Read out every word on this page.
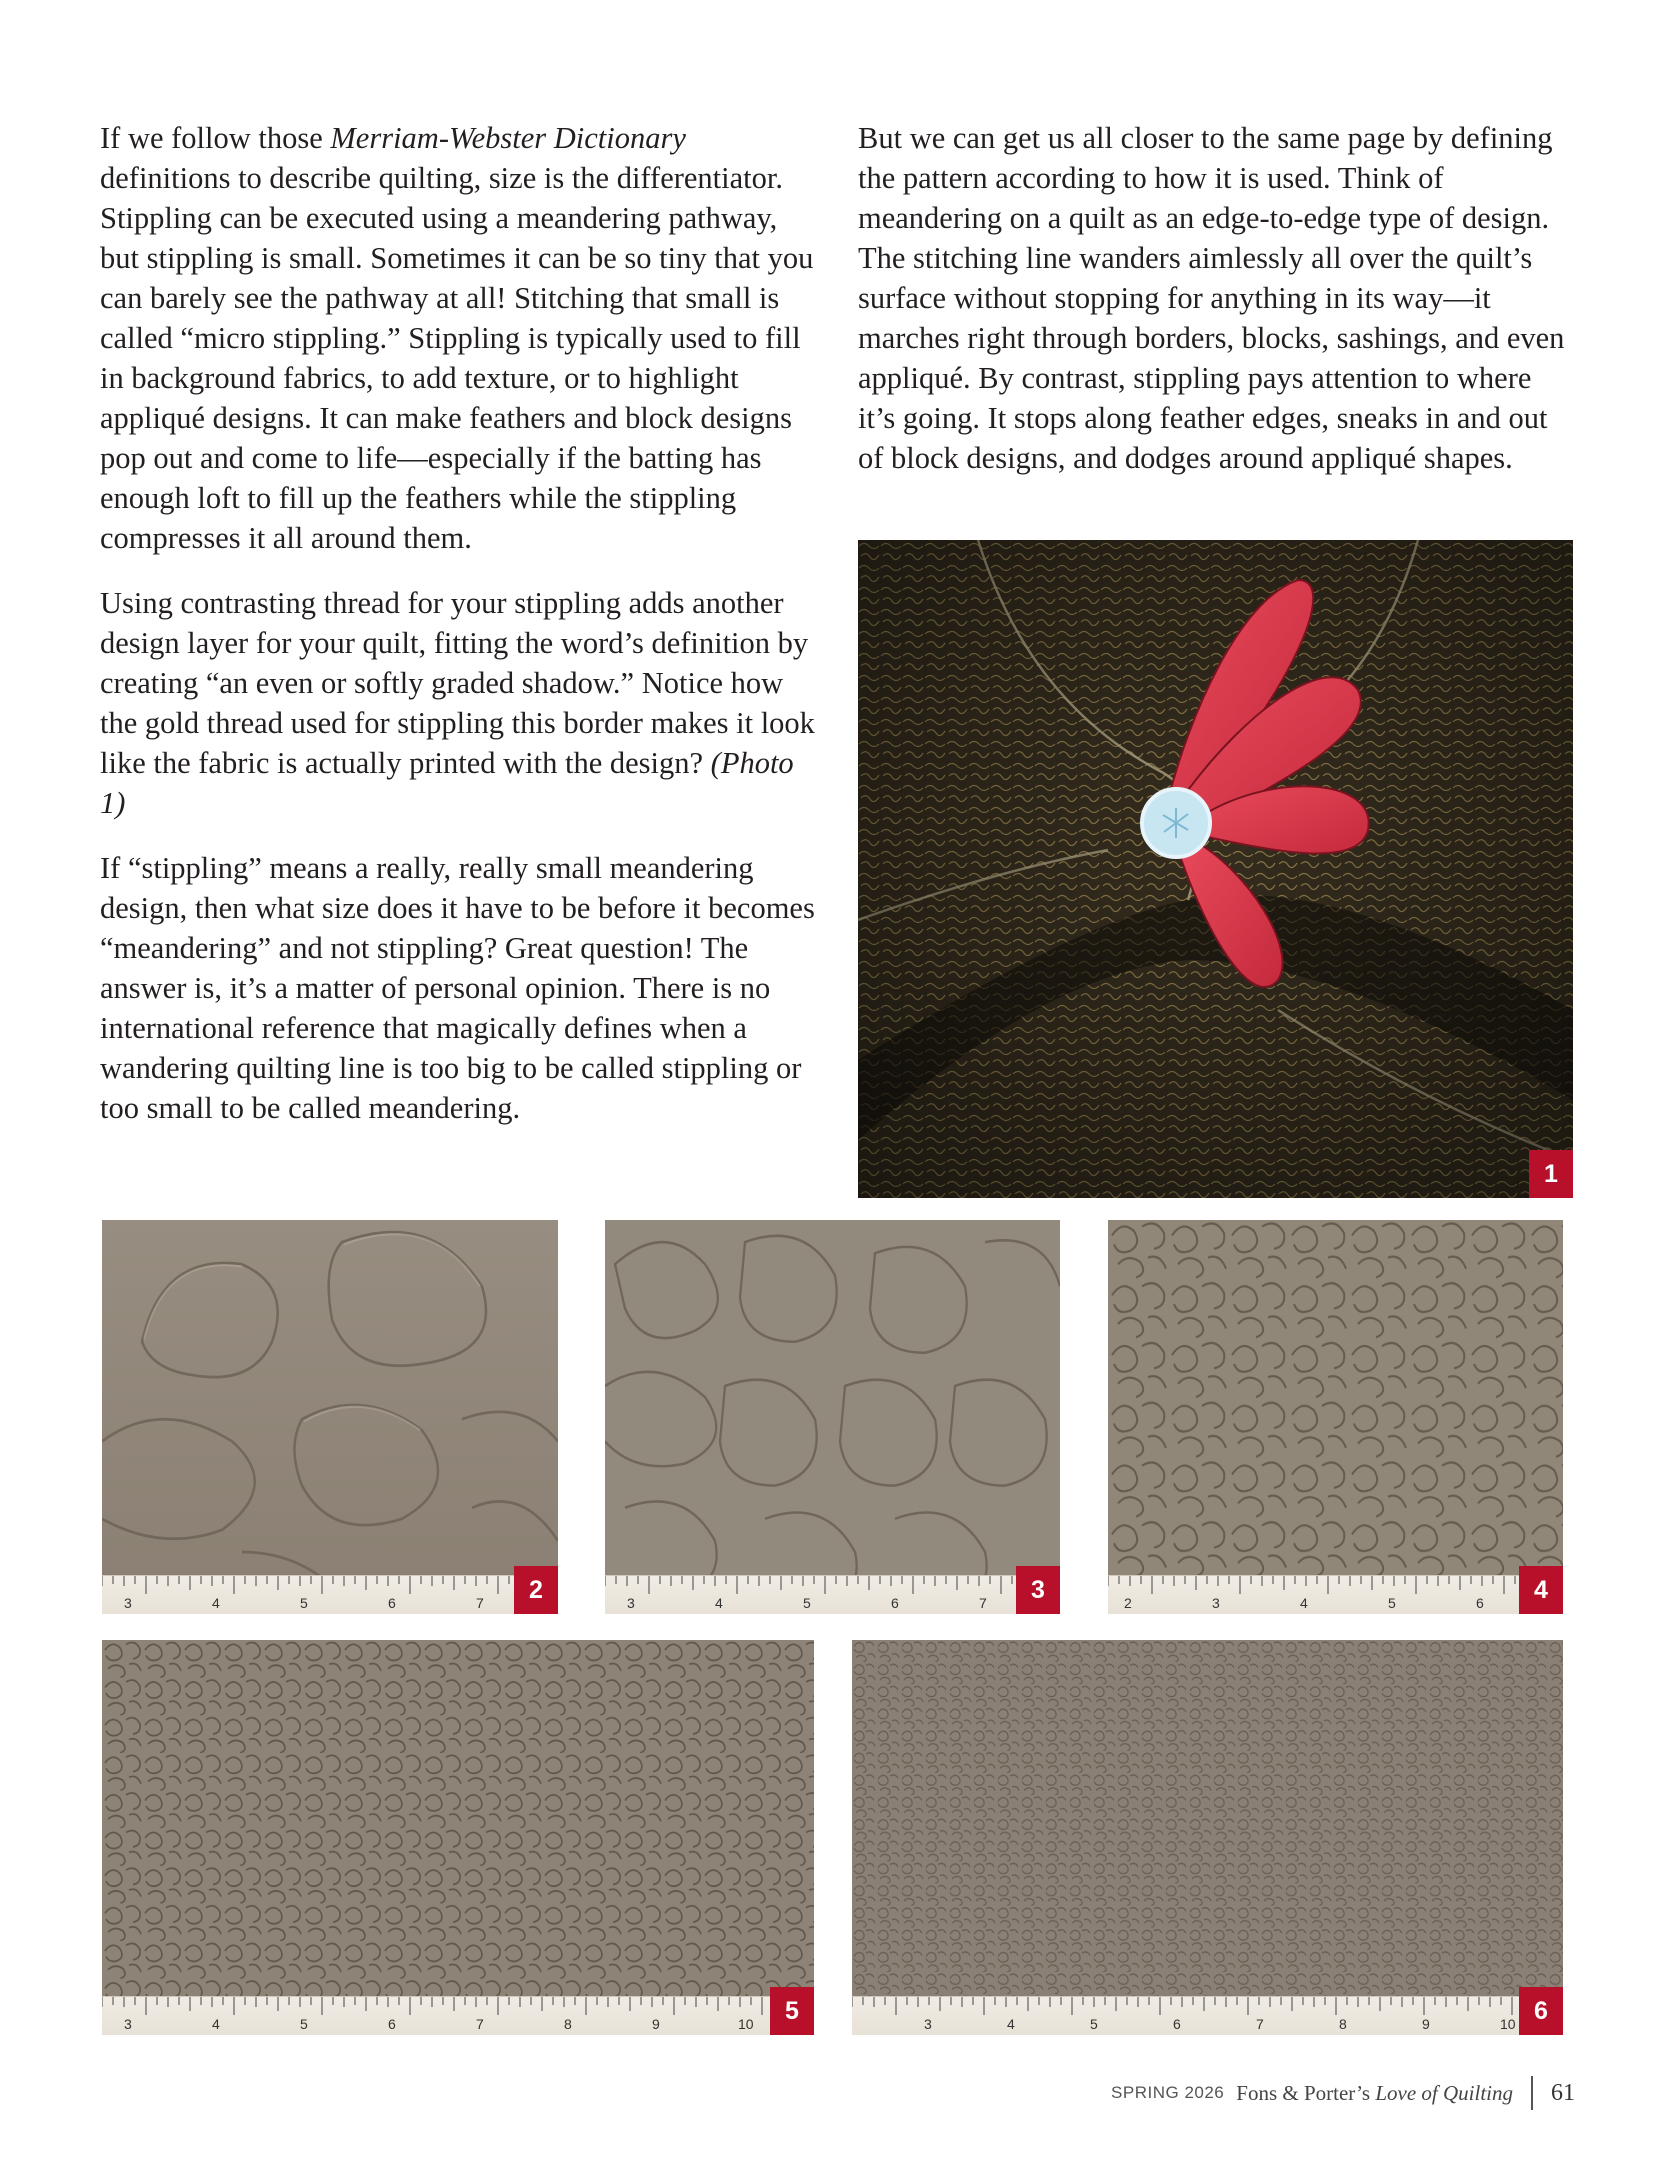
If we follow those Merriam-Webster Dictionary definitions to describe quilting, size is the differentiator. Stippling can be executed using a meandering pathway, but stippling is small. Sometimes it can be so tiny that you can barely see the pathway at all! Stitching that small is called “micro stippling.” Stippling is typically used to fill in background fabrics, to add texture, or to highlight appliqué designs. It can make feathers and block designs pop out and come to life—especially if the batting has enough loft to fill up the feathers while the stippling compresses it all around them.

Using contrasting thread for your stippling adds another design layer for your quilt, fitting the word’s definition by creating “an even or softly graded shadow.” Notice how the gold thread used for stippling this border makes it look like the fabric is actually printed with the design? (Photo 1)

If “stippling” means a really, really small meandering design, then what size does it have to be before it becomes “meandering” and not stippling? Great question! The answer is, it’s a matter of personal opinion. There is no international reference that magically defines when a wandering quilting line is too big to be called stippling or too small to be called meandering.

But we can get us all closer to the same page by defining the pattern according to how it is used. Think of meandering on a quilt as an edge-to-edge type of design. The stitching line wanders aimlessly all over the quilt’s surface without stopping for anything in its way—it marches right through borders, blocks, sashings, and even appliqué. By contrast, stippling pays attention to where it’s going. It stops along feather edges, sneaks in and out of block designs, and dodges around appliqué shapes.

1
3	4	5	6	7	2	3	4	5	6	7	3	2	3	4	5	6	4
3	4	5	6	7	8	9	10	5	3	4	5	6	7	8	9	10 6
SPRING 2026 Fons & Porter’s Love of Quilting 61
